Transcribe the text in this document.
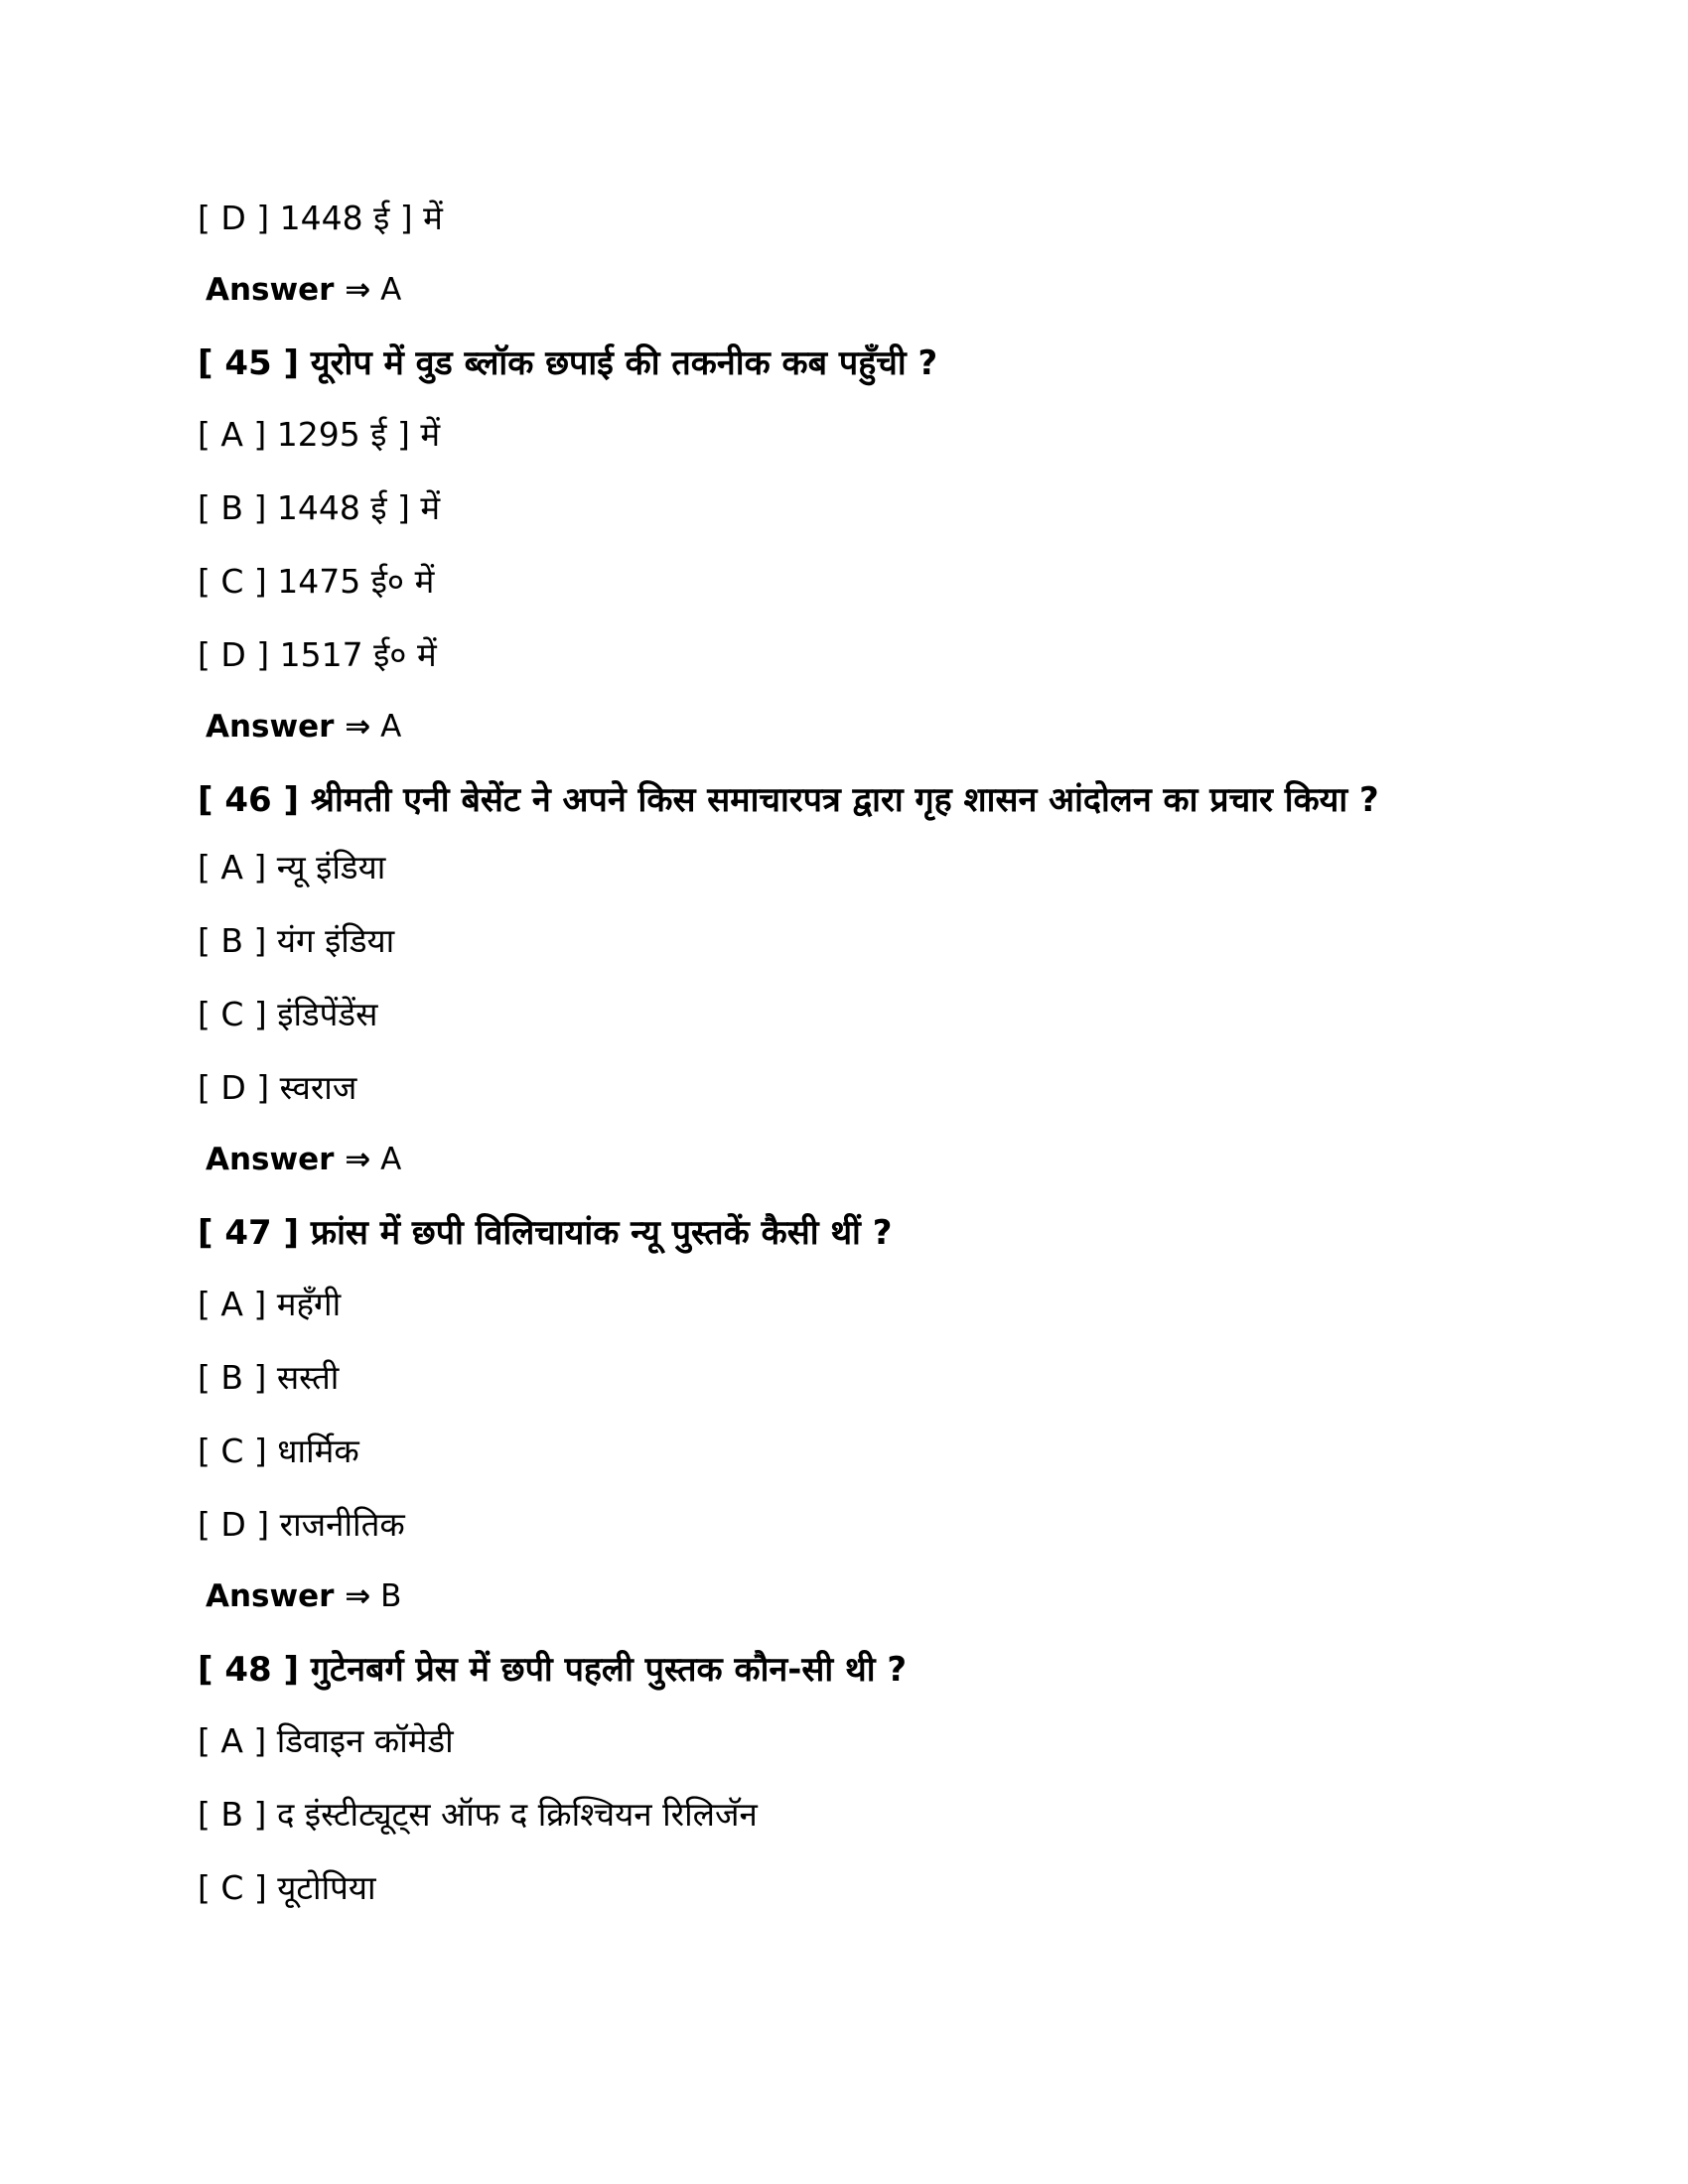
[ D ] 1448 ई ] में
Answer ⇒ A
[ 45 ] यूरोप में वुड ब्लॉक छपाई की तकनीक कब पहुँची ?
[ A ] 1295 ई ] में
[ B ] 1448 ई ] में
[ C ] 1475 ई० में
[ D ] 1517 ई० में
Answer ⇒ A
[ 46 ] श्रीमती एनी बेसेंट ने अपने किस समाचारपत्र द्वारा गृह शासन आंदोलन का प्रचार किया ?
[ A ] न्यू इंडिया
[ B ] यंग इंडिया
[ C ] इंडिपेंडेंस
[ D ] स्वराज
Answer ⇒ A
[ 47 ] फ्रांस में छपी विलिचायांक न्यू पुस्तकें कैसी थीं ?
[ A ] महँगी
[ B ] सस्ती
[ C ] धार्मिक
[ D ] राजनीतिक
Answer ⇒ B
[ 48 ] गुटेनबर्ग प्रेस में छपी पहली पुस्तक कौन-सी थी ?
[ A ] डिवाइन कॉमेडी
[ B ] द इंस्टीट्यूट्स ऑफ द क्रिश्चियन रिलिजॅन
[ C ] यूटोपिया
